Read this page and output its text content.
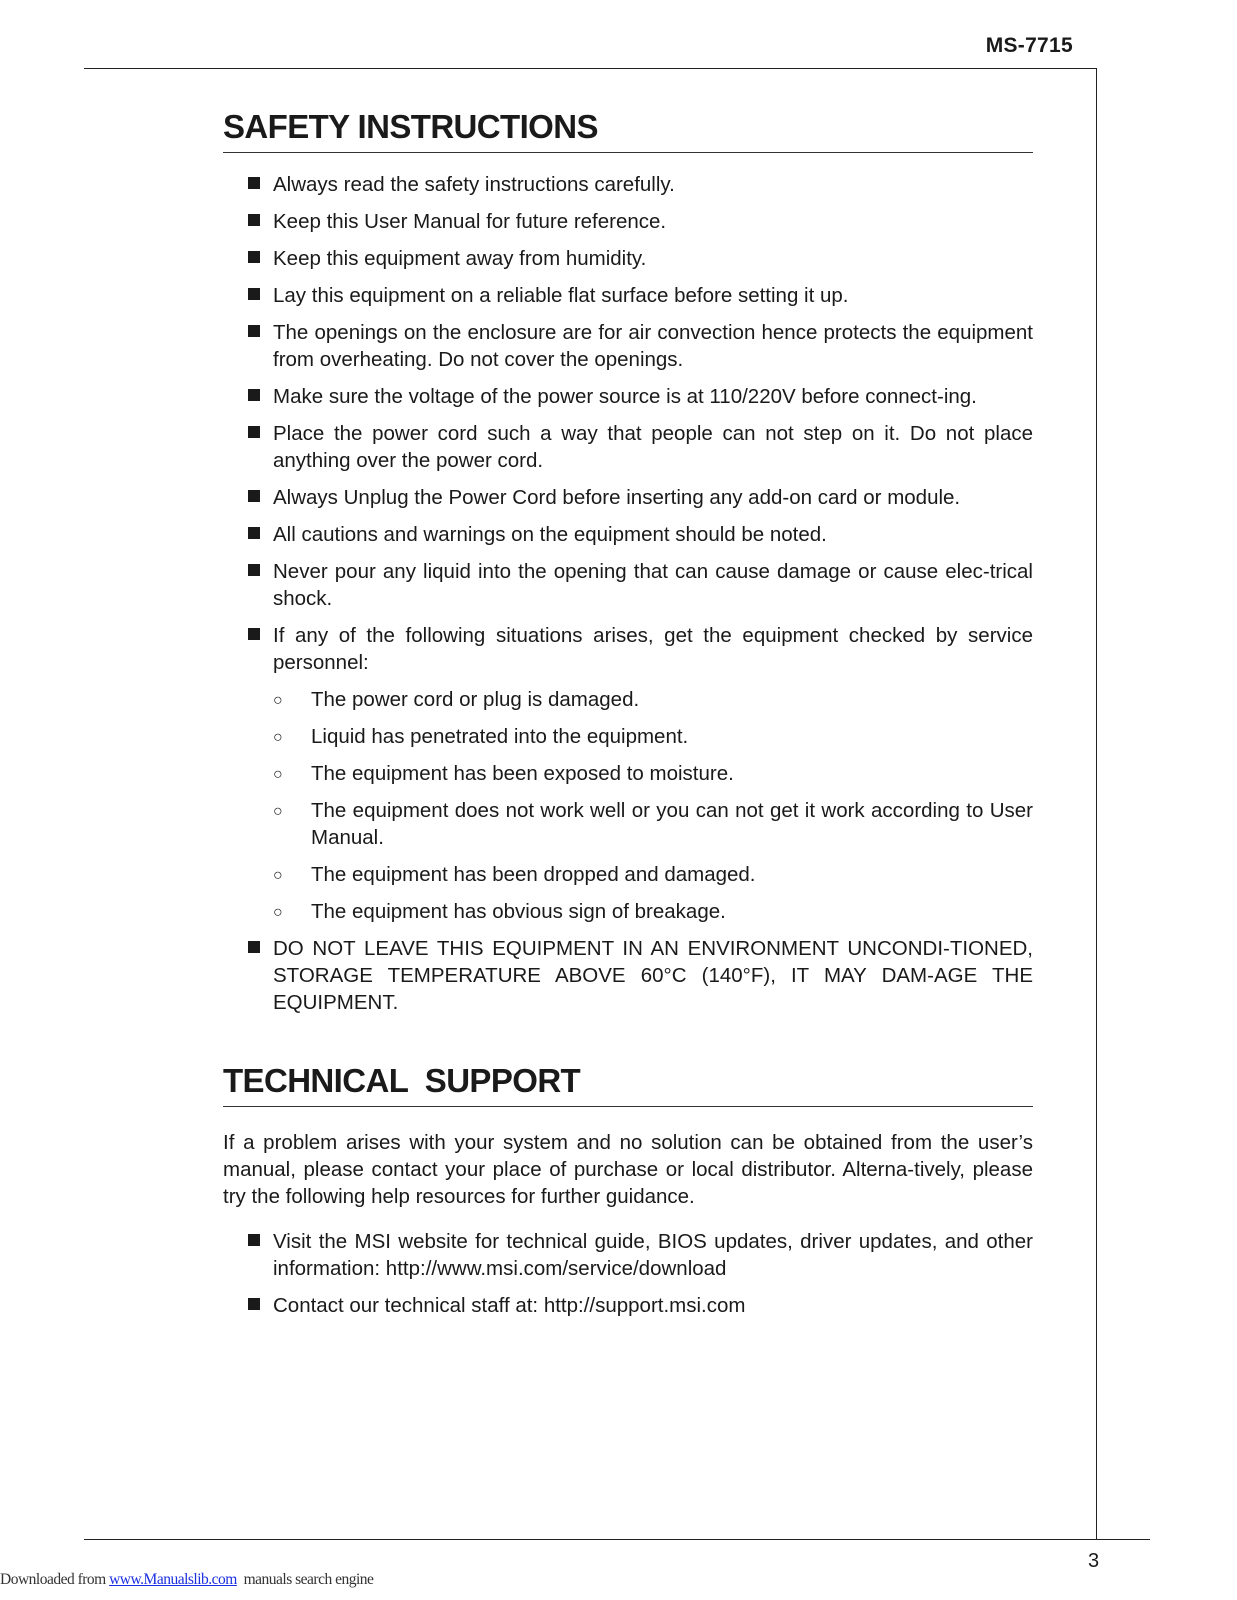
MS-7715
SAFETY INSTRUCTIONS
Always read the safety instructions carefully.
Keep this User Manual for future reference.
Keep this equipment away from humidity.
Lay this equipment on a reliable flat surface before setting it up.
The openings on the enclosure are for air convection hence protects the equipment from overheating. Do not cover the openings.
Make sure the voltage of the power source is at 110/220V before connect-ing.
Place the power cord such a way that people can not step on it. Do not place anything over the power cord.
Always Unplug the Power Cord before inserting any add-on card or module.
All cautions and warnings on the equipment should be noted.
Never pour any liquid into the opening that can cause damage or cause elec-trical shock.
If any of the following situations arises, get the equipment checked by service personnel:
○ The power cord or plug is damaged.
○ Liquid has penetrated into the equipment.
○ The equipment has been exposed to moisture.
○ The equipment does not work well or you can not get it work according to User Manual.
○ The equipment has been dropped and damaged.
○ The equipment has obvious sign of breakage.
DO NOT LEAVE THIS EQUIPMENT IN AN ENVIRONMENT UNCONDI-TIONED, STORAGE TEMPERATURE ABOVE 60°C (140°F), IT MAY DAM-AGE THE EQUIPMENT.
TECHNICAL  SUPPORT

If a problem arises with your system and no solution can be obtained from the user’s manual, please contact your place of purchase or local distributor. Alterna-tively, please try the following help resources for further guidance.

Visit the MSI website for technical guide, BIOS updates, driver updates, and other information: http://www.msi.com/service/download
Contact our technical staff at: http://support.msi.com
3
Downloaded from www.Manualslib.com  manuals search engine
